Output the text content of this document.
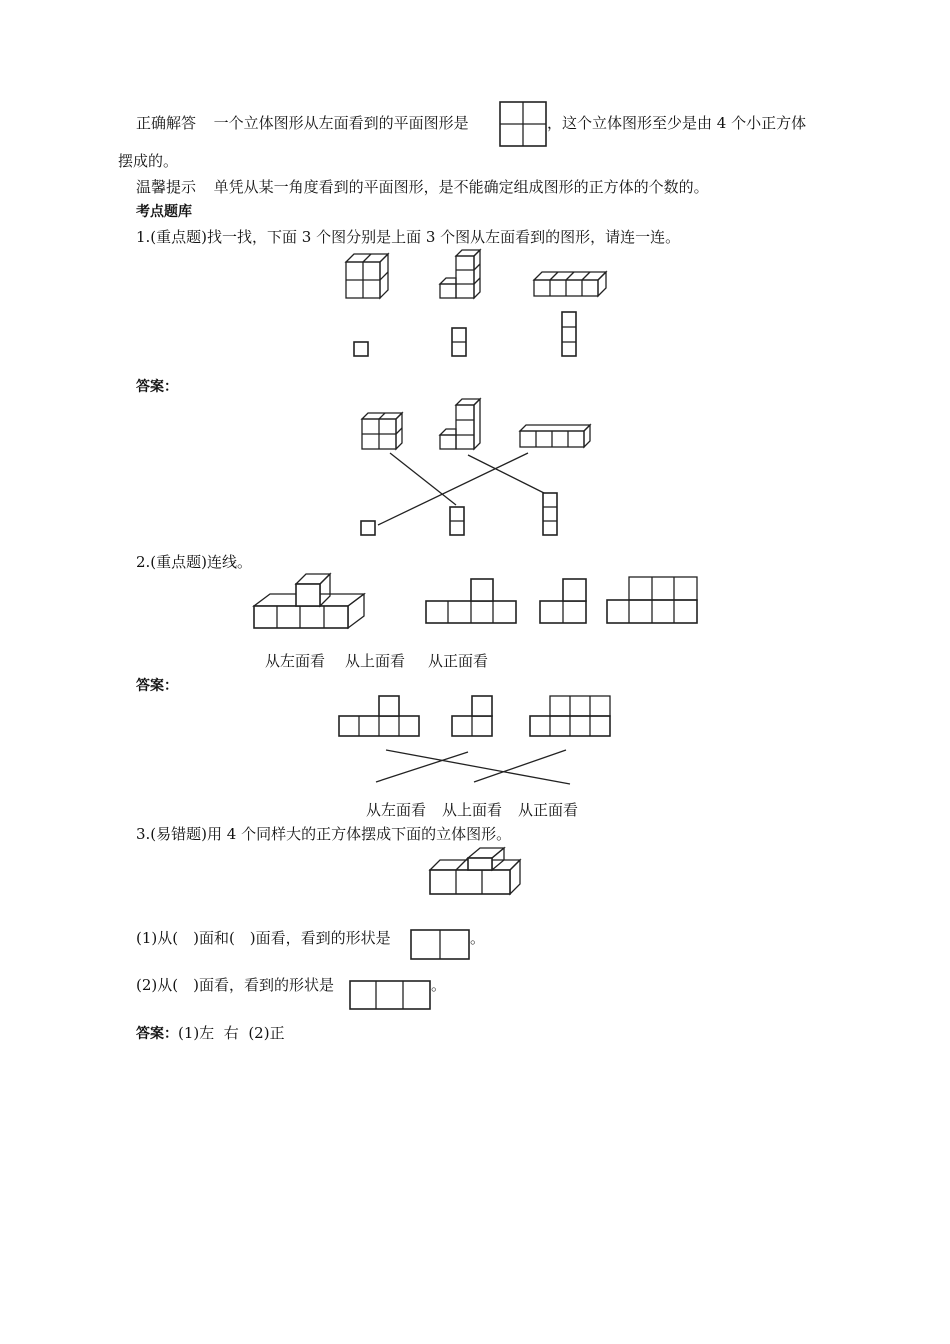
正确解答 一个立体图形从左面看到的平面图形是	，这个立体图形至少是由 4 个小正方体
摆成的。
温馨提示 单凭从某一角度看到的平面图形，是不能确定组成图形的正方体的个数的。
考点题库
1.(重点题)找一找，下面 3 个图分别是上面 3 个图从左面看到的图形，请连一连。
答案：
2.(重点题)连线。
从左面看 从上面看 从正面看
答案：
从左面看 从上面看 从正面看
3.(易错题)用 4 个同样大的正方体摆成下面的立体图形。
(1)从(　)面和(　)面看，看到的形状是	。
(2)从(　)面看，看到的形状是	。
答案：(1)左  右  (2)正
